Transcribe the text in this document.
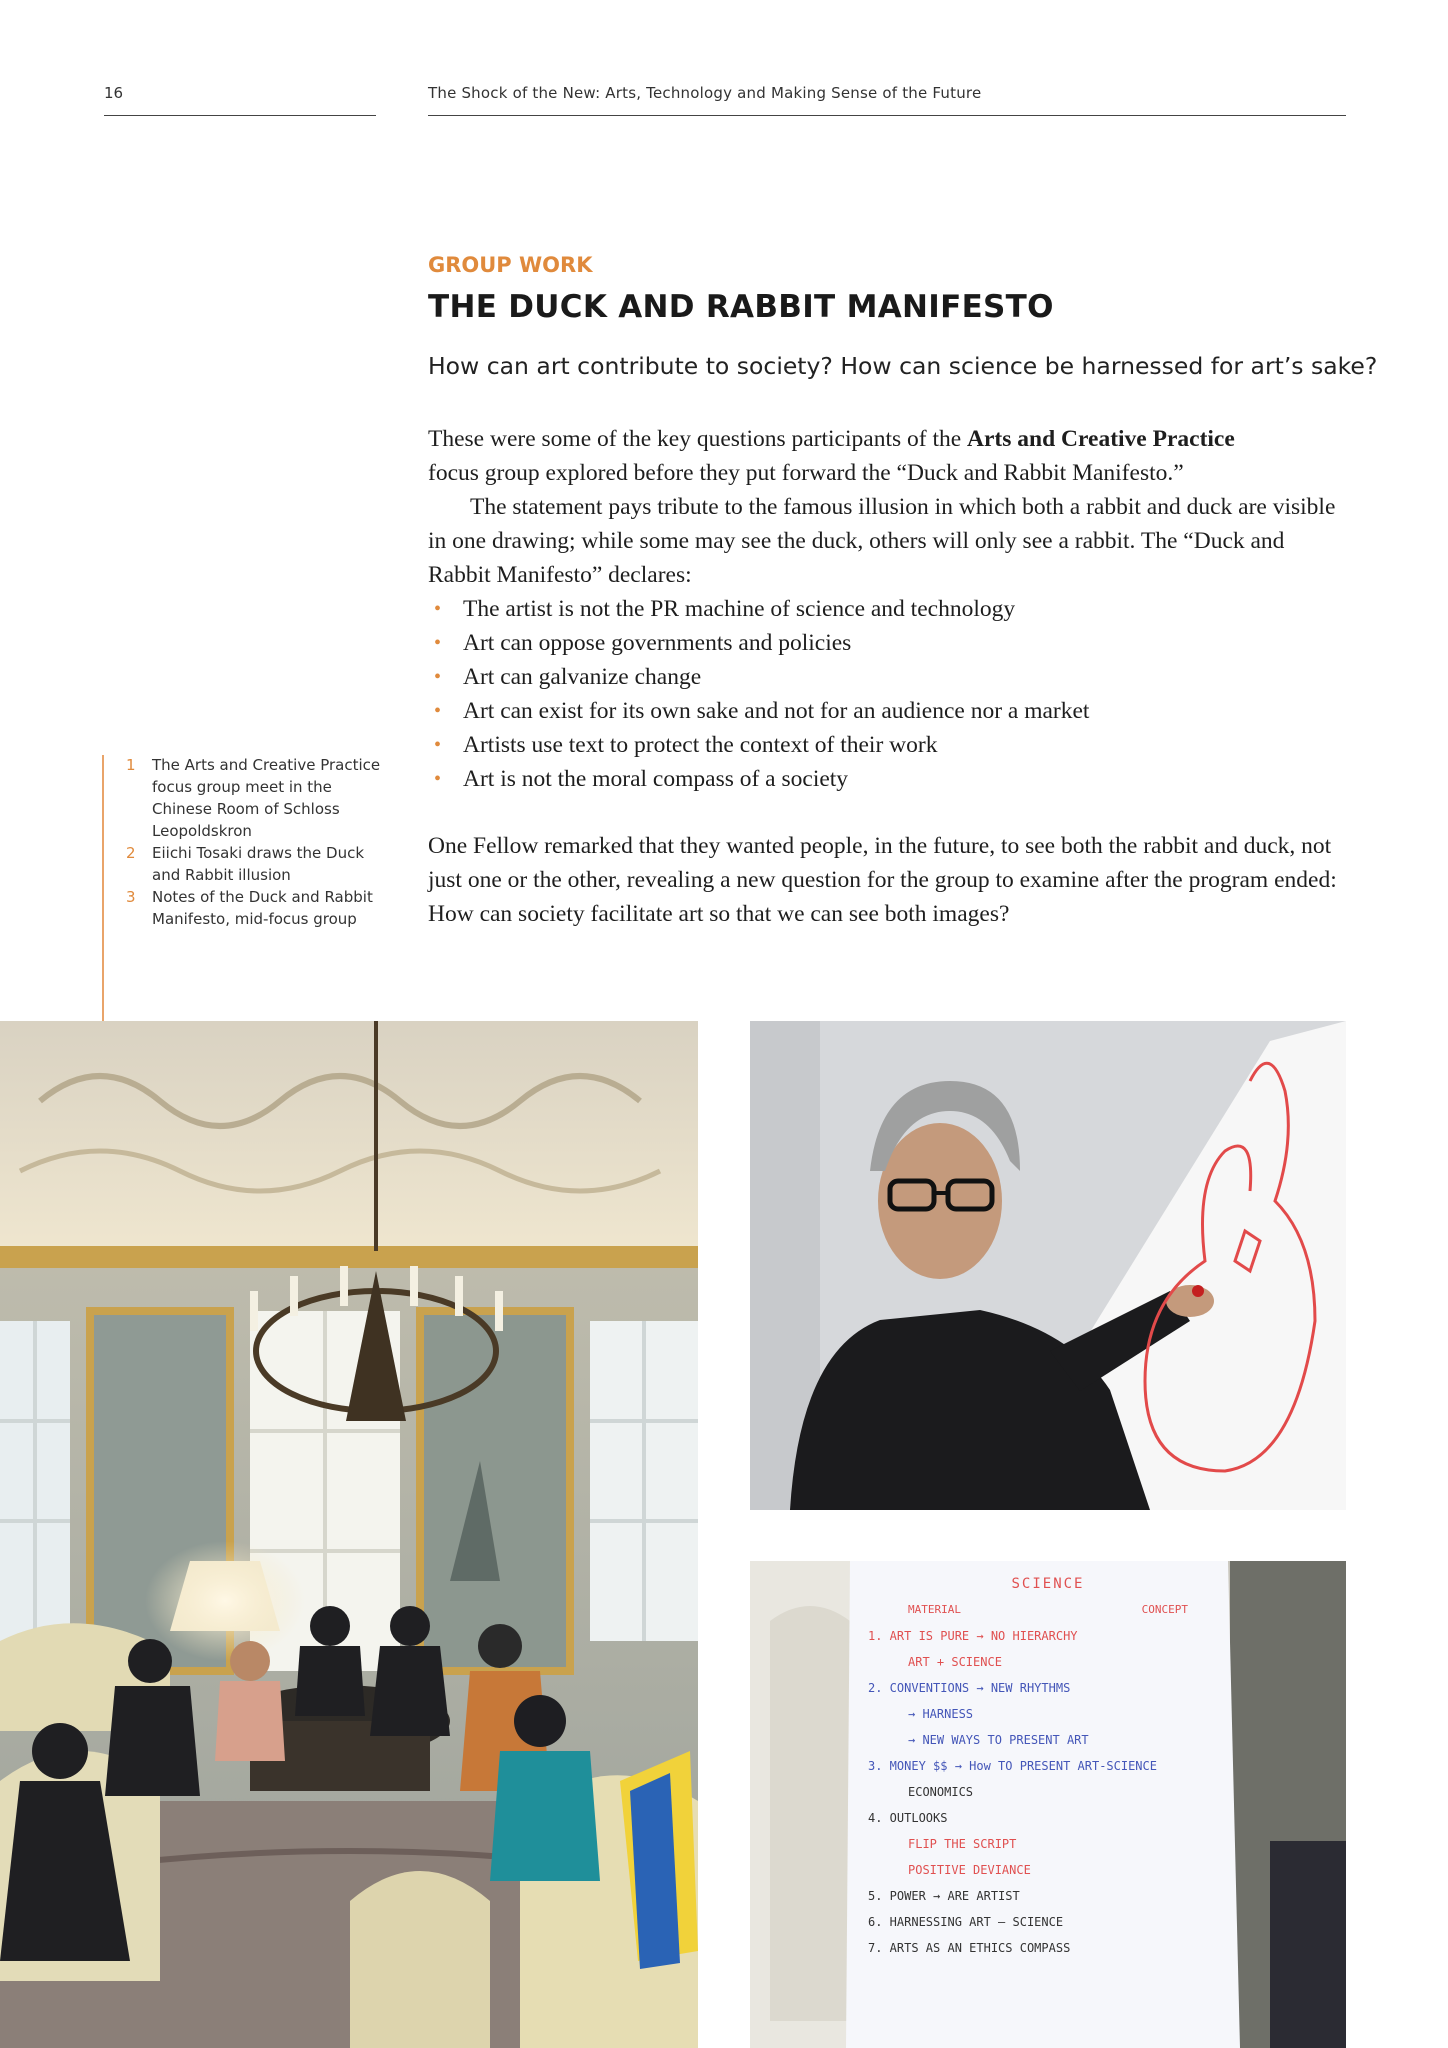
16	The Shock of the New: Arts, Technology and Making Sense of the Future
GROUP WORK
THE DUCK AND RABBIT MANIFESTO
How can art contribute to society? How can science be harnessed for art’s sake?

These were some of the key questions participants of the Arts and Creative Practice
focus group explored before they put forward the “Duck and Rabbit Manifesto.”

The statement pays tribute to the famous illusion in which both a rabbit and duck are visible in one drawing; while some may see the duck, others will only see a rabbit. The “Duck and Rabbit Manifesto” declares:

• The artist is not the PR machine of science and technology
• Art can oppose governments and policies
• Art can galvanize change
• Art can exist for its own sake and not for an audience nor a market
• Artists use text to protect the context of their work
• Art is not the moral compass of a society
One Fellow remarked that they wanted people, in the future, to see both the rabbit and duck, not just one or the other, revealing a new question for the group to examine after the program ended: How can society facilitate art so that we can see both images?
1 The Arts and Creative Practice focus group meet in the Chinese Room of Schloss Leopoldskron
2 Eiichi Tosaki draws the Duck and Rabbit illusion
3 Notes of the Duck and Rabbit Manifesto, mid-focus group
SCIENCE
MATERIAL	CONCEPT
1. ART IS PURE → NO HIERARCHY
ART + SCIENCE
2. CONVENTIONS → NEW RHYTHMS
→ HARNESS
→ NEW WAYS TO PRESENT ART
3. MONEY $$ → How TO PRESENT ART-SCIENCE
ECONOMICS
4. OUTLOOKS
FLIP THE SCRIPT
POSITIVE DEVIANCE
5. POWER → ARE ARTIST
6. HARNESSING ART — SCIENCE
7. ARTS AS AN ETHICS COMPASS
